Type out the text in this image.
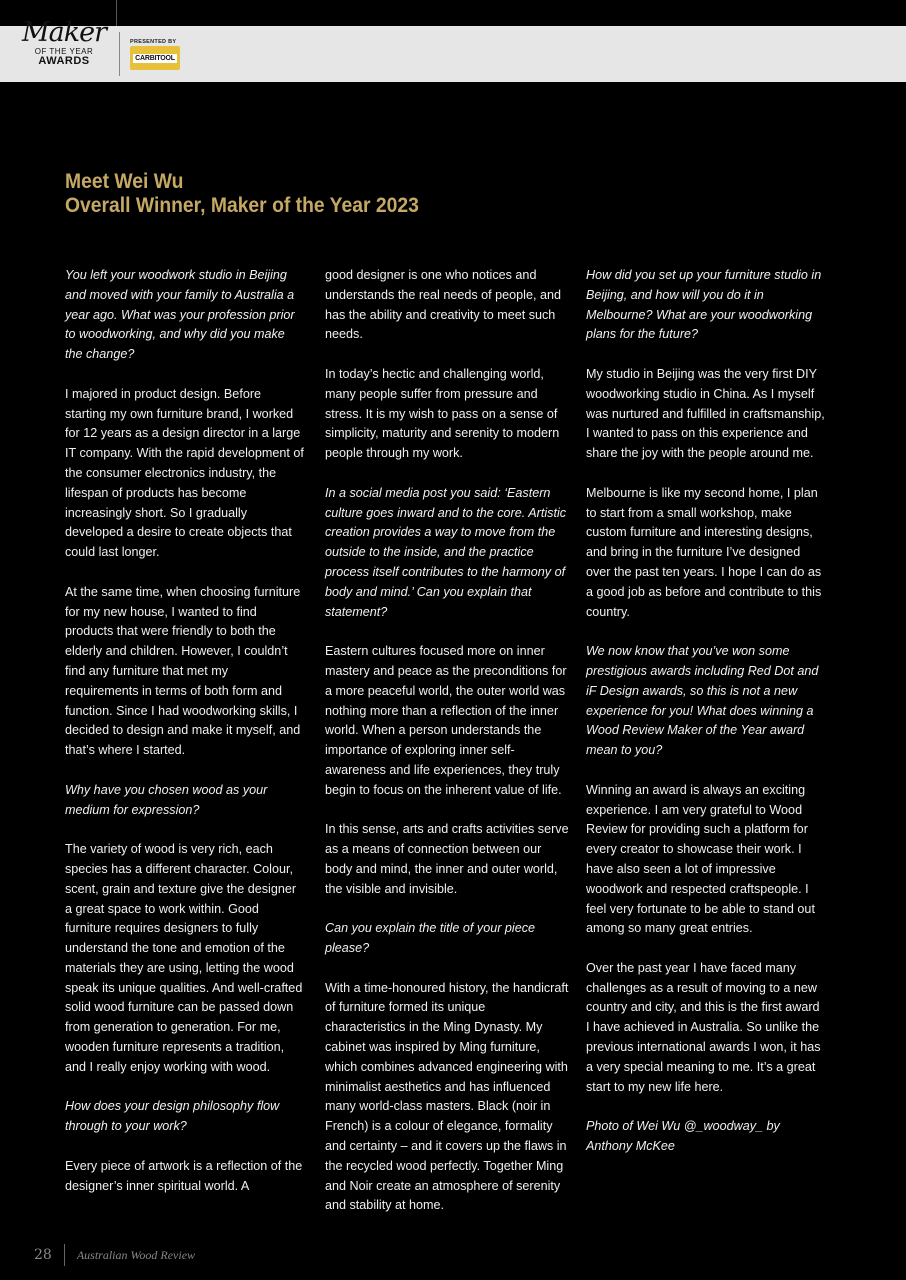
Maker
OF THE YEAR
AWARDS
PRESENTED BY
CARBITOOL
Meet Wei Wu
Overall Winner, Maker of the Year 2023

You left your woodwork studio in Beijing and moved with your family to Australia a year ago. What was your profession prior to woodworking, and why did you make the change?

I majored in product design. Before starting my own furniture brand, I worked for 12 years as a design director in a large IT company. With the rapid development of the consumer electronics industry, the lifespan of products has become increasingly short. So I gradually developed a desire to create objects that could last longer.

At the same time, when choosing furniture for my new house, I wanted to find products that were friendly to both the elderly and children. However, I couldn’t find any furniture that met my requirements in terms of both form and function. Since I had woodworking skills, I decided to design and make it myself, and that’s where I started.

Why have you chosen wood as your medium for expression?

The variety of wood is very rich, each species has a different character. Colour, scent, grain and texture give the designer a great space to work within. Good furniture requires designers to fully understand the tone and emotion of the materials they are using, letting the wood speak its unique qualities. And well-crafted solid wood furniture can be passed down from generation to generation. For me, wooden furniture represents a tradition, and I really enjoy working with wood.

How does your design philosophy flow through to your work?

Every piece of artwork is a reflection of the designer’s inner spiritual world. A

good designer is one who notices and understands the real needs of people, and has the ability and creativity to meet such needs.

In today’s hectic and challenging world, many people suffer from pressure and stress. It is my wish to pass on a sense of simplicity, maturity and serenity to modern people through my work.

In a social media post you said: ‘Eastern culture goes inward and to the core. Artistic creation provides a way to move from the outside to the inside, and the practice process itself contributes to the harmony of body and mind.’ Can you explain that statement?

Eastern cultures focused more on inner mastery and peace as the preconditions for a more peaceful world, the outer world was nothing more than a reflection of the inner world. When a person understands the importance of exploring inner self-awareness and life experiences, they truly begin to focus on the inherent value of life.

In this sense, arts and crafts activities serve as a means of connection between our body and mind, the inner and outer world, the visible and invisible.

Can you explain the title of your piece please?

With a time-honoured history, the handicraft of furniture formed its unique characteristics in the Ming Dynasty. My cabinet was inspired by Ming furniture, which combines advanced engineering with minimalist aesthetics and has influenced many world-class masters. Black (noir in French) is a colour of elegance, formality and certainty – and it covers up the flaws in the recycled wood perfectly. Together Ming and Noir create an atmosphere of serenity and stability at home.

How did you set up your furniture studio in Beijing, and how will you do it in Melbourne? What are your woodworking plans for the future?

My studio in Beijing was the very first DIY woodworking studio in China. As I myself was nurtured and fulfilled in craftsmanship, I wanted to pass on this experience and share the joy with the people around me.

Melbourne is like my second home, I plan to start from a small workshop, make custom furniture and interesting designs, and bring in the furniture I’ve designed over the past ten years. I hope I can do as a good job as before and contribute to this country.

We now know that you’ve won some prestigious awards including Red Dot and iF Design awards, so this is not a new experience for you! What does winning a Wood Review Maker of the Year award mean to you?

Winning an award is always an exciting experience. I am very grateful to Wood Review for providing such a platform for every creator to showcase their work. I have also seen a lot of impressive woodwork and respected craftspeople. I feel very fortunate to be able to stand out among so many great entries.

Over the past year I have faced many challenges as a result of moving to a new country and city, and this is the first award I have achieved in Australia. So unlike the previous international awards I won, it has a very special meaning to me. It’s a great start to my new life here.

Photo of Wei Wu @_woodway_ by Anthony McKee

28 Australian Wood Review
